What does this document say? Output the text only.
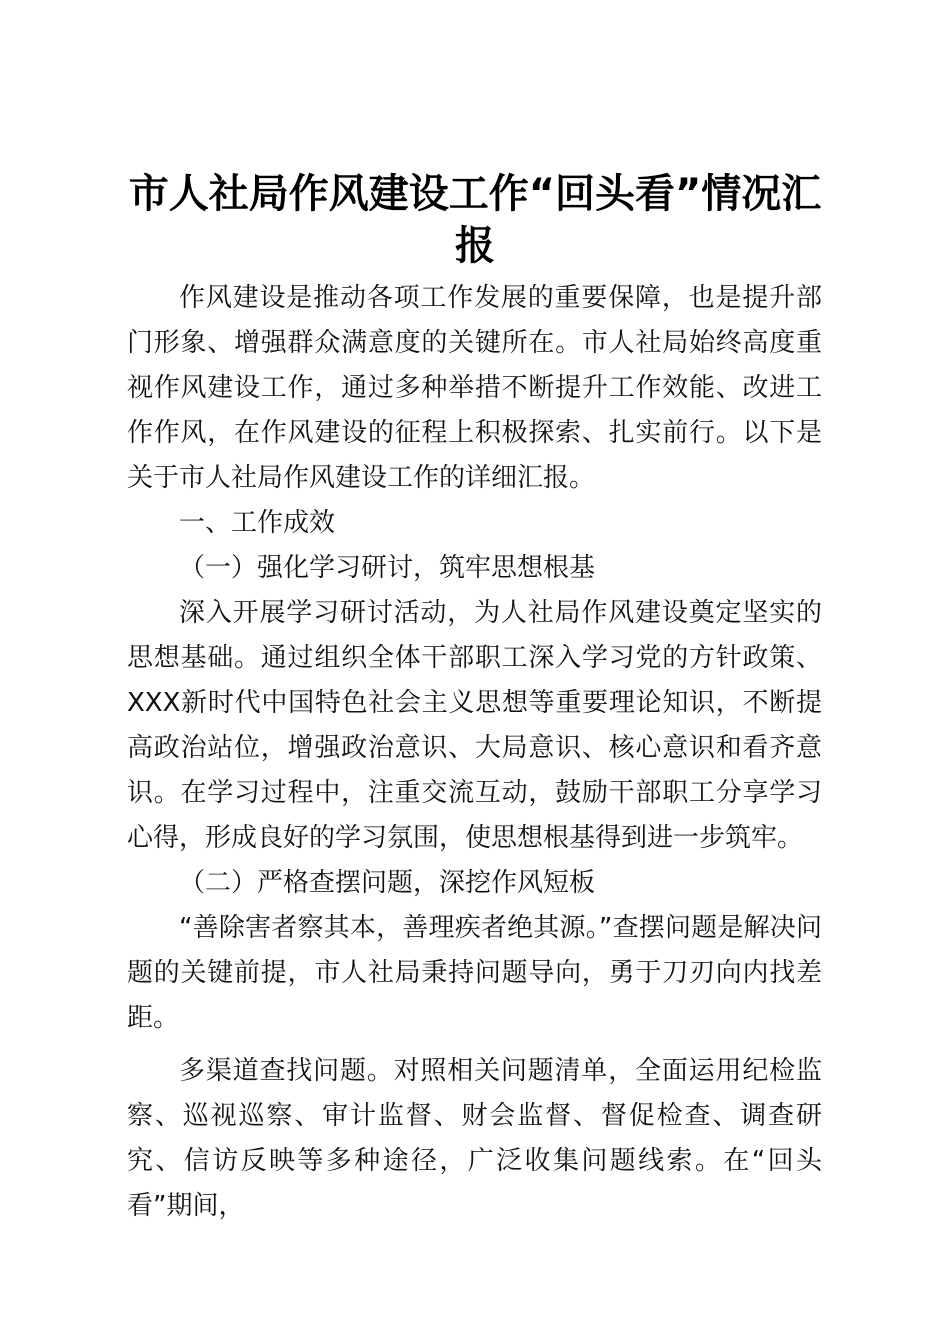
市人社局作风建设工作“回头看”情况汇报

作风建设是推动各项工作发展的重要保障，也是提升部门形象、增强群众满意度的关键所在。市人社局始终高度重视作风建设工作，通过多种举措不断提升工作效能、改进工作作风，在作风建设的征程上积极探索、扎实前行。以下是关于市人社局作风建设工作的详细汇报。

一、工作成效

（一）强化学习研讨，筑牢思想根基

深入开展学习研讨活动，为人社局作风建设奠定坚实的思想基础。通过组织全体干部职工深入学习党的方针政策、XXX新时代中国特色社会主义思想等重要理论知识，不断提高政治站位，增强政治意识、大局意识、核心意识和看齐意识。在学习过程中，注重交流互动，鼓励干部职工分享学习心得，形成良好的学习氛围，使思想根基得到进一步筑牢。

（二）严格查摆问题，深挖作风短板

“善除害者察其本，善理疾者绝其源。”查摆问题是解决问题的关键前提，市人社局秉持问题导向，勇于刀刃向内找差距。

多渠道查找问题。对照相关问题清单，全面运用纪检监察、巡视巡察、审计监督、财会监督、督促检查、调查研究、信访反映等多种途径，广泛收集问题线索。在“回头看”期间，
